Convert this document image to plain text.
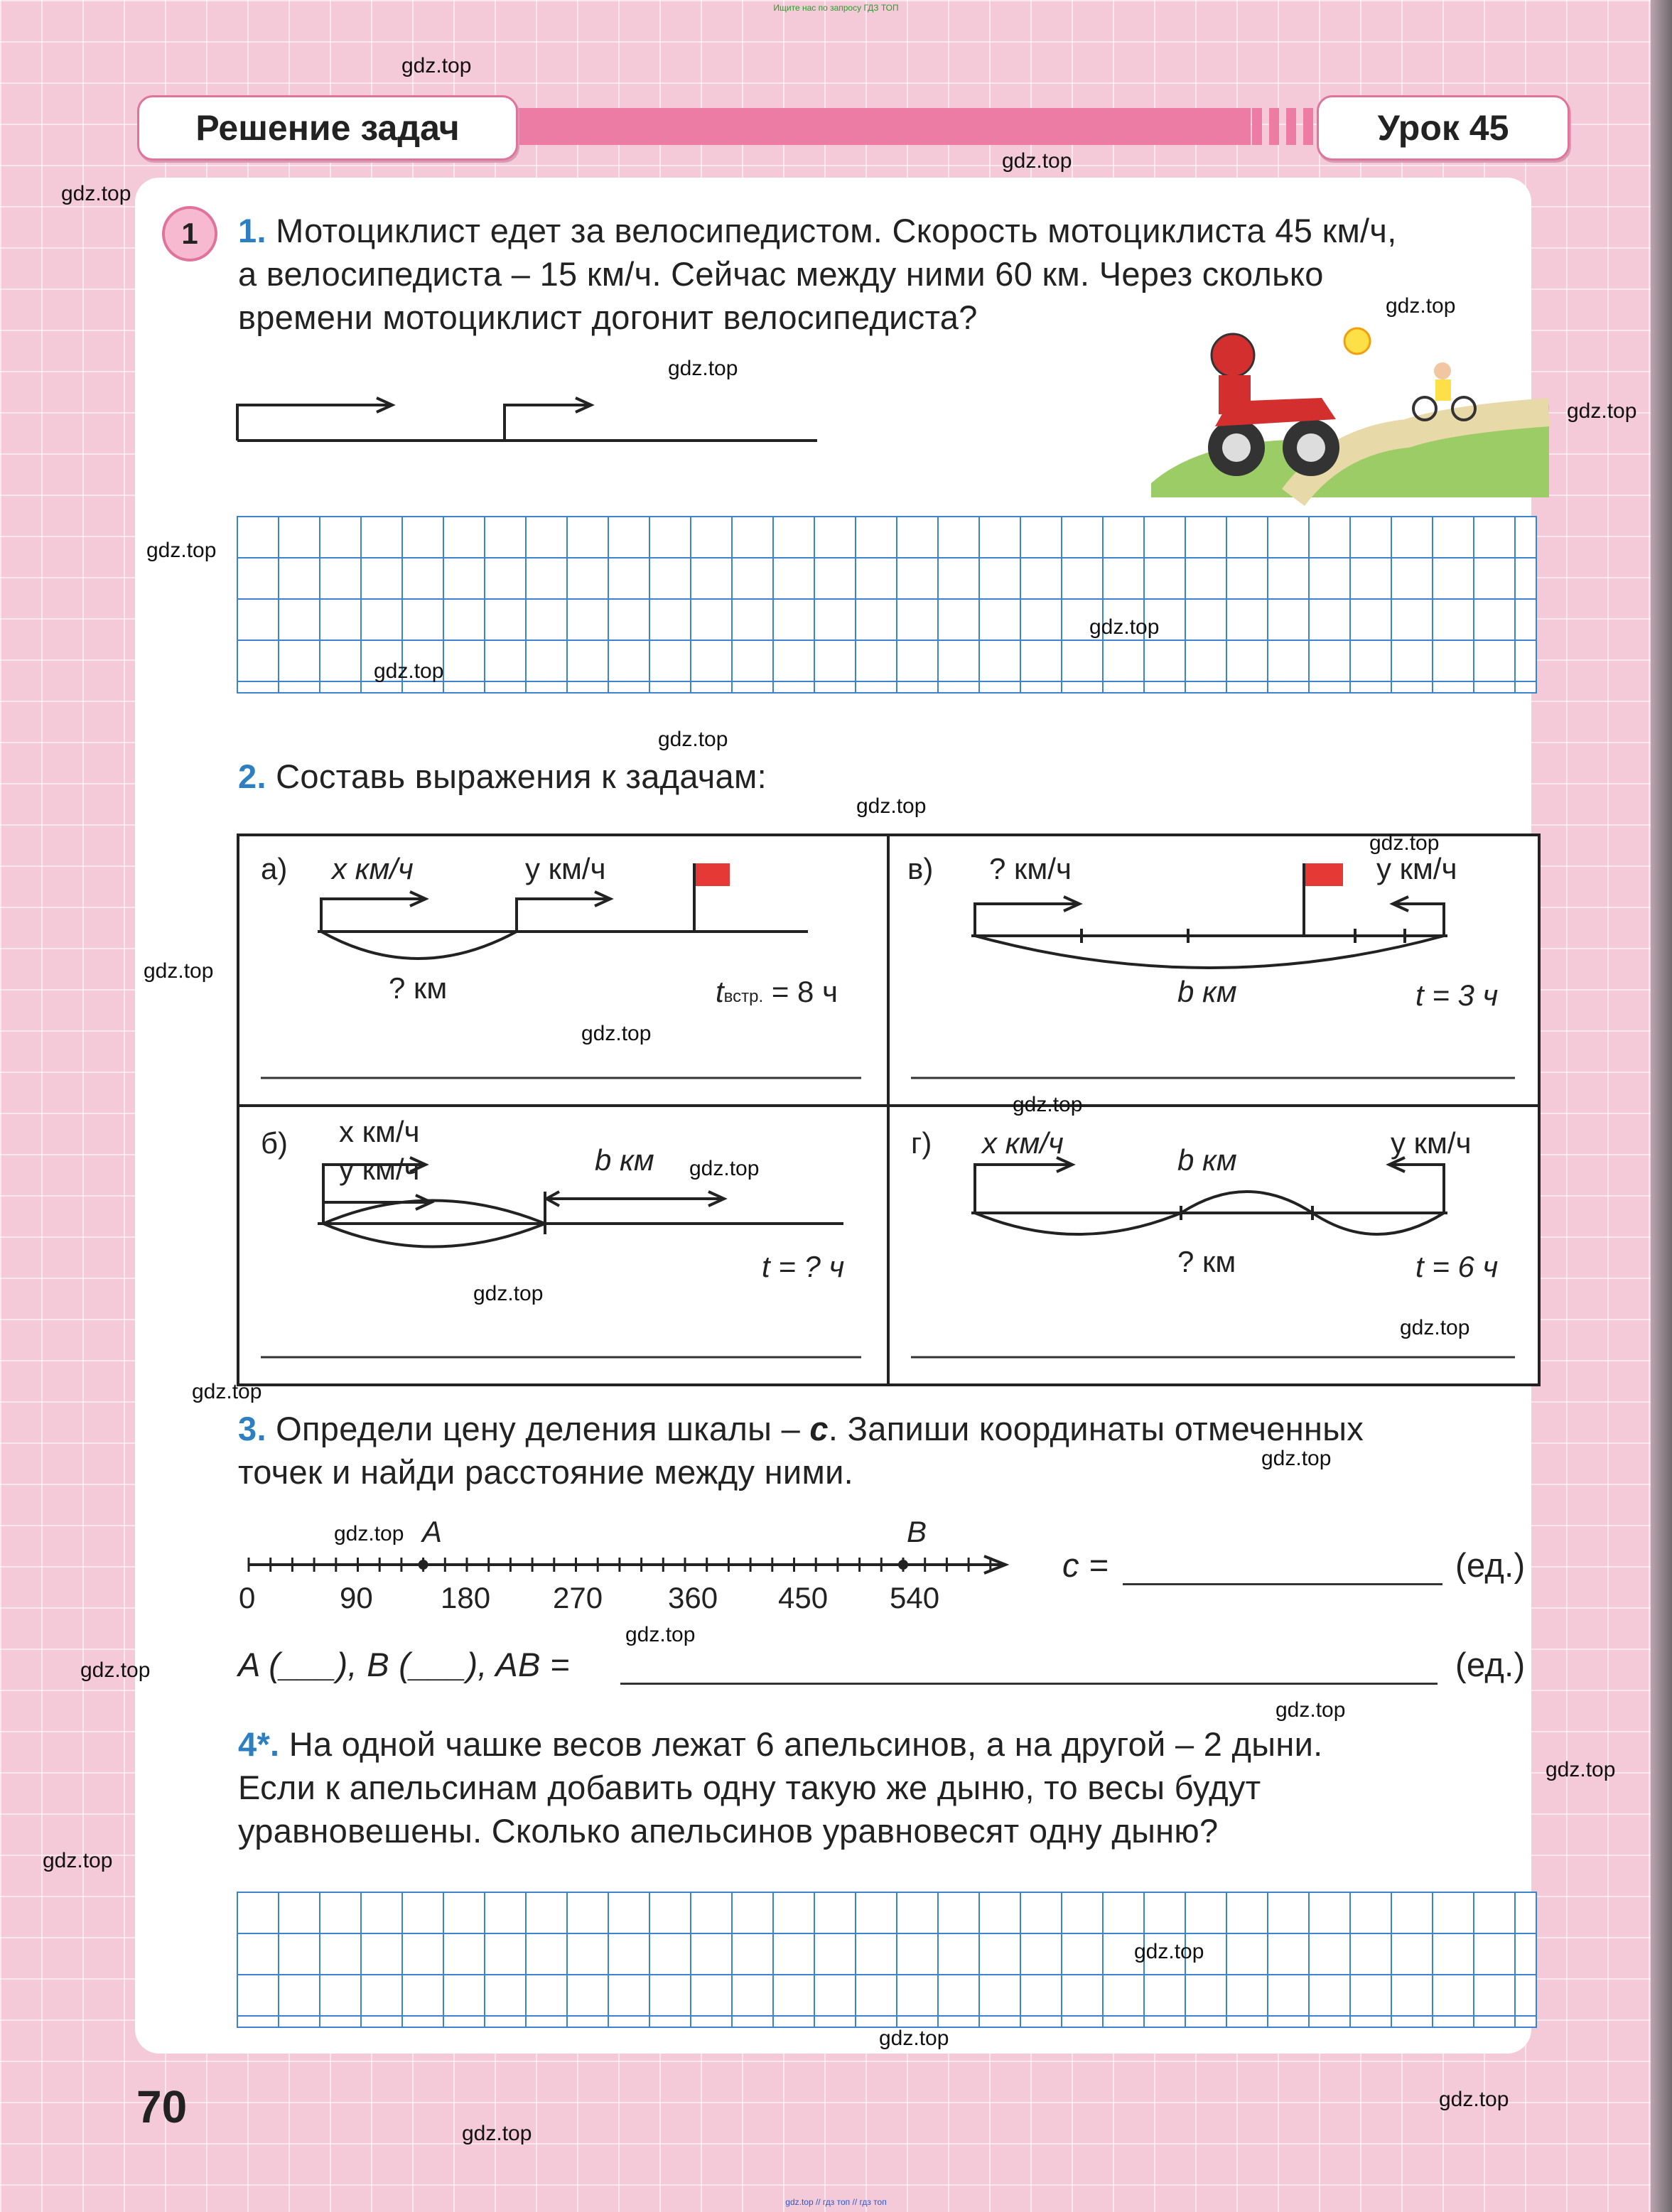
Ищите нас по запросу ГДЗ ТОП
Решение задач	Урок 45
1	1. Мотоциклист едет за велосипедистом. Скорость мотоциклиста 45 км/ч,
а велосипедиста – 15 км/ч. Сейчас между ними 60 км. Через сколько
времени мотоциклист догонит велосипедиста?
2. Составь выражения к задачам:
а) x км/ч	y км/ч
? км	tвстр. = 8 ч
в) ? км/ч	y км/ч
b км	t = 3 ч
б) x км/ч
y км/ч	b км
t = ? ч
г) x км/ч	y км/ч
b км
? км	t = 6 ч
3. Определи цену деления шкалы – c. Запиши координаты отмеченных
точек и найди расстояние между ними.
A	B
0	90 180 270 360 450 540
c =	(ед.)
A (___), B (___), AB =	(ед.)
4*. На одной чашке весов лежат 6 апельсинов, а на другой – 2 дыни.
Если к апельсинам добавить одну такую же дыню, то весы будут
уравновешены. Сколько апельсинов уравновесят одну дыню?
70
gdz.top
gdz.top
gdz.top
gdz.top
gdz.top
gdz.top
gdz.top
gdz.top
gdz.top
gdz.top
gdz.top
gdz.top
gdz.top
gdz.top
gdz.top
gdz.top
gdz.top
gdz.top
gdz.top
gdz.top
gdz.top
gdz.top
gdz.top
gdz.top
gdz.top
gdz.top
gdz.top
gdz.top
gdz.top
gdz.top
gdz.top // гдз топ // гдз топ
